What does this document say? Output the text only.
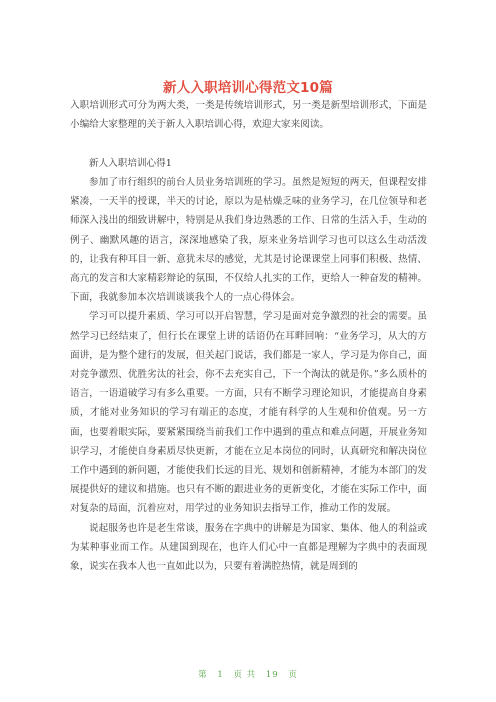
新人入职培训心得范文10篇

入职培训形式可分为两大类，一类是传统培训形式，另一类是新型培训形式，下面是小编给大家整理的关于新人入职培训心得，欢迎大家来阅读。

新人入职培训心得1

参加了市行组织的前台人员业务培训班的学习。虽然是短短的两天，但课程安排紧凑，一天半的授课，半天的讨论，原以为是枯燥乏味的业务学习，在几位领导和老师深入浅出的细致讲解中，特别是从我们身边熟悉的工作、日常的生活入手，生动的例子、幽默风趣的语言，深深地感染了我，原来业务培训学习也可以这么生动活泼的，让我有种耳目一新、意犹未尽的感觉，尤其是讨论课课堂上同事们积极、热情、高亢的发言和大家精彩辩论的氛围，不仅给人扎实的工作，更给人一种奋发的精神。下面，我就参加本次培训谈谈我个人的一点心得体会。

学习可以提升素质、学习可以开启智慧，学习是面对竞争激烈的社会的需要。虽然学习已经结束了，但行长在课堂上讲的话语仍在耳畔回响：“业务学习，从大的方面讲，是为整个建行的发展，但关起门说话，我们都是一家人，学习是为你自己，面对竞争激烈、优胜劣汰的社会，你不去充实自己，下一个淘汰的就是你。”多么质朴的语言，一语道破学习有多么重要。一方面，只有不断学习理论知识，才能提高自身素质，才能对业务知识的学习有端正的态度，才能有科学的人生观和价值观。另一方面，也要着眼实际，要紧紧围绕当前我们工作中遇到的重点和难点问题，开展业务知识学习，才能使自身素质尽快更新，才能在立足本岗位的同时，认真研究和解决岗位工作中遇到的新问题，才能使我们长远的目光、规划和创新精神，才能为本部门的发展提供好的建议和措施。也只有不断的跟进业务的更新变化，才能在实际工作中，面对复杂的局面，沉着应对，用学过的业务知识去指导工作，推动工作的发展。

说起服务也许是老生常谈，服务在字典中的讲解是为国家、集体、他人的利益或为某种事业而工作。从建国到现在，也许人们心中一直都是理解为字典中的表面现象，说实在我本人也一直如此以为，只要有着满腔热情，就是周到的

第 1 页 共 19 页
